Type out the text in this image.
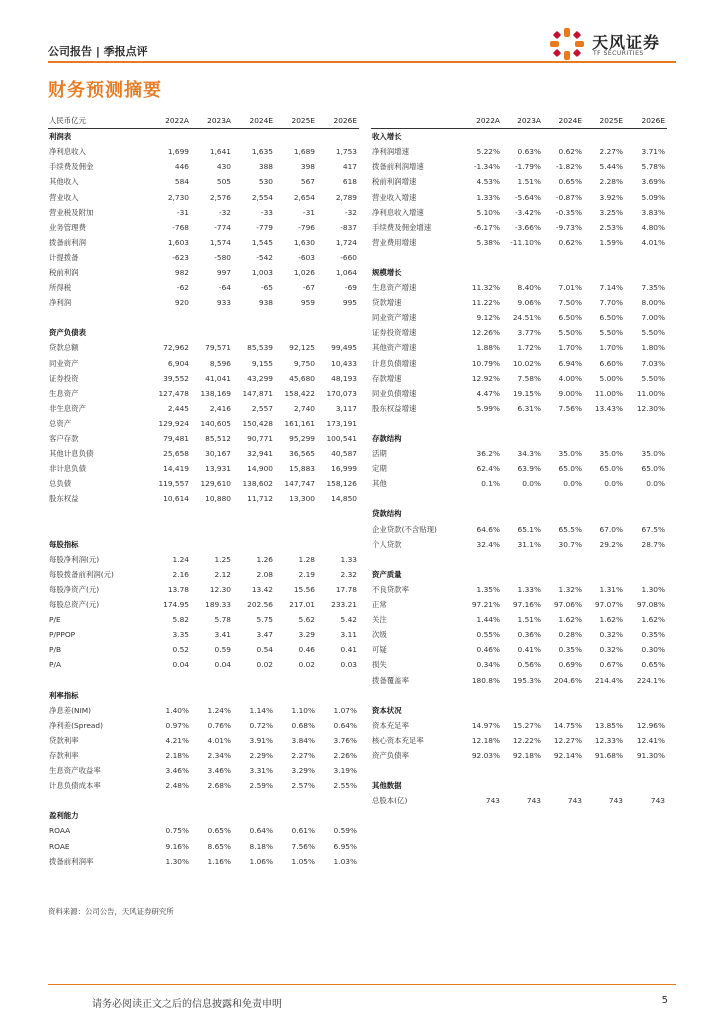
公司报告 | 季报点评	天风证券
TF SECURITIES
财务预测摘要
人民币亿元	2022A	2023A	2024E	2025E	2026E
利润表					
净利息收入	1,699	1,641	1,635	1,689	1,753
手续费及佣金	446	430	388	398	417
其他收入	584	505	530	567	618
营业收入	2,730	2,576	2,554	2,654	2,789
营业税及附加	-31	-32	-33	-31	-32
业务管理费	-768	-774	-779	-796	-837
拨备前利润	1,603	1,574	1,545	1,630	1,724
计提拨备	-623	-580	-542	-603	-660
税前利润	982	997	1,003	1,026	1,064
所得税	-62	-64	-65	-67	-69
净利润	920	933	938	959	995

资产负债表					
贷款总额	72,962	79,571	85,539	92,125	99,495
同业资产	6,904	8,596	9,155	9,750	10,433
证券投资	39,552	41,041	43,299	45,680	48,193
生息资产	127,478	138,169	147,871	158,422	170,073
非生息资产	2,445	2,416	2,557	2,740	3,117
总资产	129,924	140,605	150,428	161,161	173,191
客户存款	79,481	85,512	90,771	95,299	100,541
其他计息负债	25,658	30,167	32,941	36,565	40,587
非计息负债	14,419	13,931	14,900	15,883	16,999
总负债	119,557	129,610	138,602	147,747	158,126
股东权益	10,614	10,880	11,712	13,300	14,850

每股指标					
每股净利润(元)	1.24	1.25	1.26	1.28	1.33
每股拨备前利润(元)	2.16	2.12	2.08	2.19	2.32
每股净资产(元)	13.78	12.30	13.42	15.56	17.78
每股总资产(元)	174.95	189.33	202.56	217.01	233.21
P/E	5.82	5.78	5.75	5.62	5.42
P/PPOP	3.35	3.41	3.47	3.29	3.11
P/B	0.52	0.59	0.54	0.46	0.41
P/A	0.04	0.04	0.02	0.02	0.03

利率指标					
净息差(NIM)	1.40%	1.24%	1.14%	1.10%	1.07%
净利差(Spread)	0.97%	0.76%	0.72%	0.68%	0.64%
贷款利率	4.21%	4.01%	3.91%	3.84%	3.76%
存款利率	2.18%	2.34%	2.29%	2.27%	2.26%
生息资产收益率	3.46%	3.46%	3.31%	3.29%	3.19%
计息负债成本率	2.48%	2.68%	2.59%	2.57%	2.55%

盈利能力					
ROAA	0.75%	0.65%	0.64%	0.61%	0.59%
ROAE	9.16%	8.65%	8.18%	7.56%	6.95%
拨备前利润率	1.30%	1.16%	1.06%	1.05%	1.03%
	2022A	2023A	2024E	2025E	2026E
收入增长					
净利润增速	5.22%	0.63%	0.62%	2.27%	3.71%
拨备前利润增速	-1.34%	-1.79%	-1.82%	5.44%	5.78%
税前利润增速	4.53%	1.51%	0.65%	2.28%	3.69%
营业收入增速	1.33%	-5.64%	-0.87%	3.92%	5.09%
净利息收入增速	5.10%	-3.42%	-0.35%	3.25%	3.83%
手续费及佣金增速	-6.17%	-3.66%	-9.73%	2.53%	4.80%
营业费用增速	5.38%	-11.10%	0.62%	1.59%	4.01%

规模增长					
生息资产增速	11.32%	8.40%	7.01%	7.14%	7.35%
贷款增速	11.22%	9.06%	7.50%	7.70%	8.00%
同业资产增速	9.12%	24.51%	6.50%	6.50%	7.00%
证券投资增速	12.26%	3.77%	5.50%	5.50%	5.50%
其他资产增速	1.88%	1.72%	1.70%	1.70%	1.80%
计息负债增速	10.79%	10.02%	6.94%	6.60%	7.03%
存款增速	12.92%	7.58%	4.00%	5.00%	5.50%
同业负债增速	4.47%	19.15%	9.00%	11.00%	11.00%
股东权益增速	5.99%	6.31%	7.56%	13.43%	12.30%

存款结构					
活期	36.2%	34.3%	35.0%	35.0%	35.0%
定期	62.4%	63.9%	65.0%	65.0%	65.0%
其他	0.1%	0.0%	0.0%	0.0%	0.0%

贷款结构					
企业贷款(不含贴现)	64.6%	65.1%	65.5%	67.0%	67.5%
个人贷款	32.4%	31.1%	30.7%	29.2%	28.7%

资产质量					
不良贷款率	1.35%	1.33%	1.32%	1.31%	1.30%
正常	97.21%	97.16%	97.06%	97.07%	97.08%
关注	1.44%	1.51%	1.62%	1.62%	1.62%
次级	0.55%	0.36%	0.28%	0.32%	0.35%
可疑	0.46%	0.41%	0.35%	0.32%	0.30%
损失	0.34%	0.56%	0.69%	0.67%	0.65%
拨备覆盖率	180.8%	195.3%	204.6%	214.4%	224.1%

资本状况					
资本充足率	14.97%	15.27%	14.75%	13.85%	12.96%
核心资本充足率	12.18%	12.22%	12.27%	12.33%	12.41%
资产负债率	92.03%	92.18%	92.14%	91.68%	91.30%

其他数据					
总股本(亿)	743	743	743	743	743
资料来源：公司公告，天风证券研究所
请务必阅读正文之后的信息披露和免责申明	5
